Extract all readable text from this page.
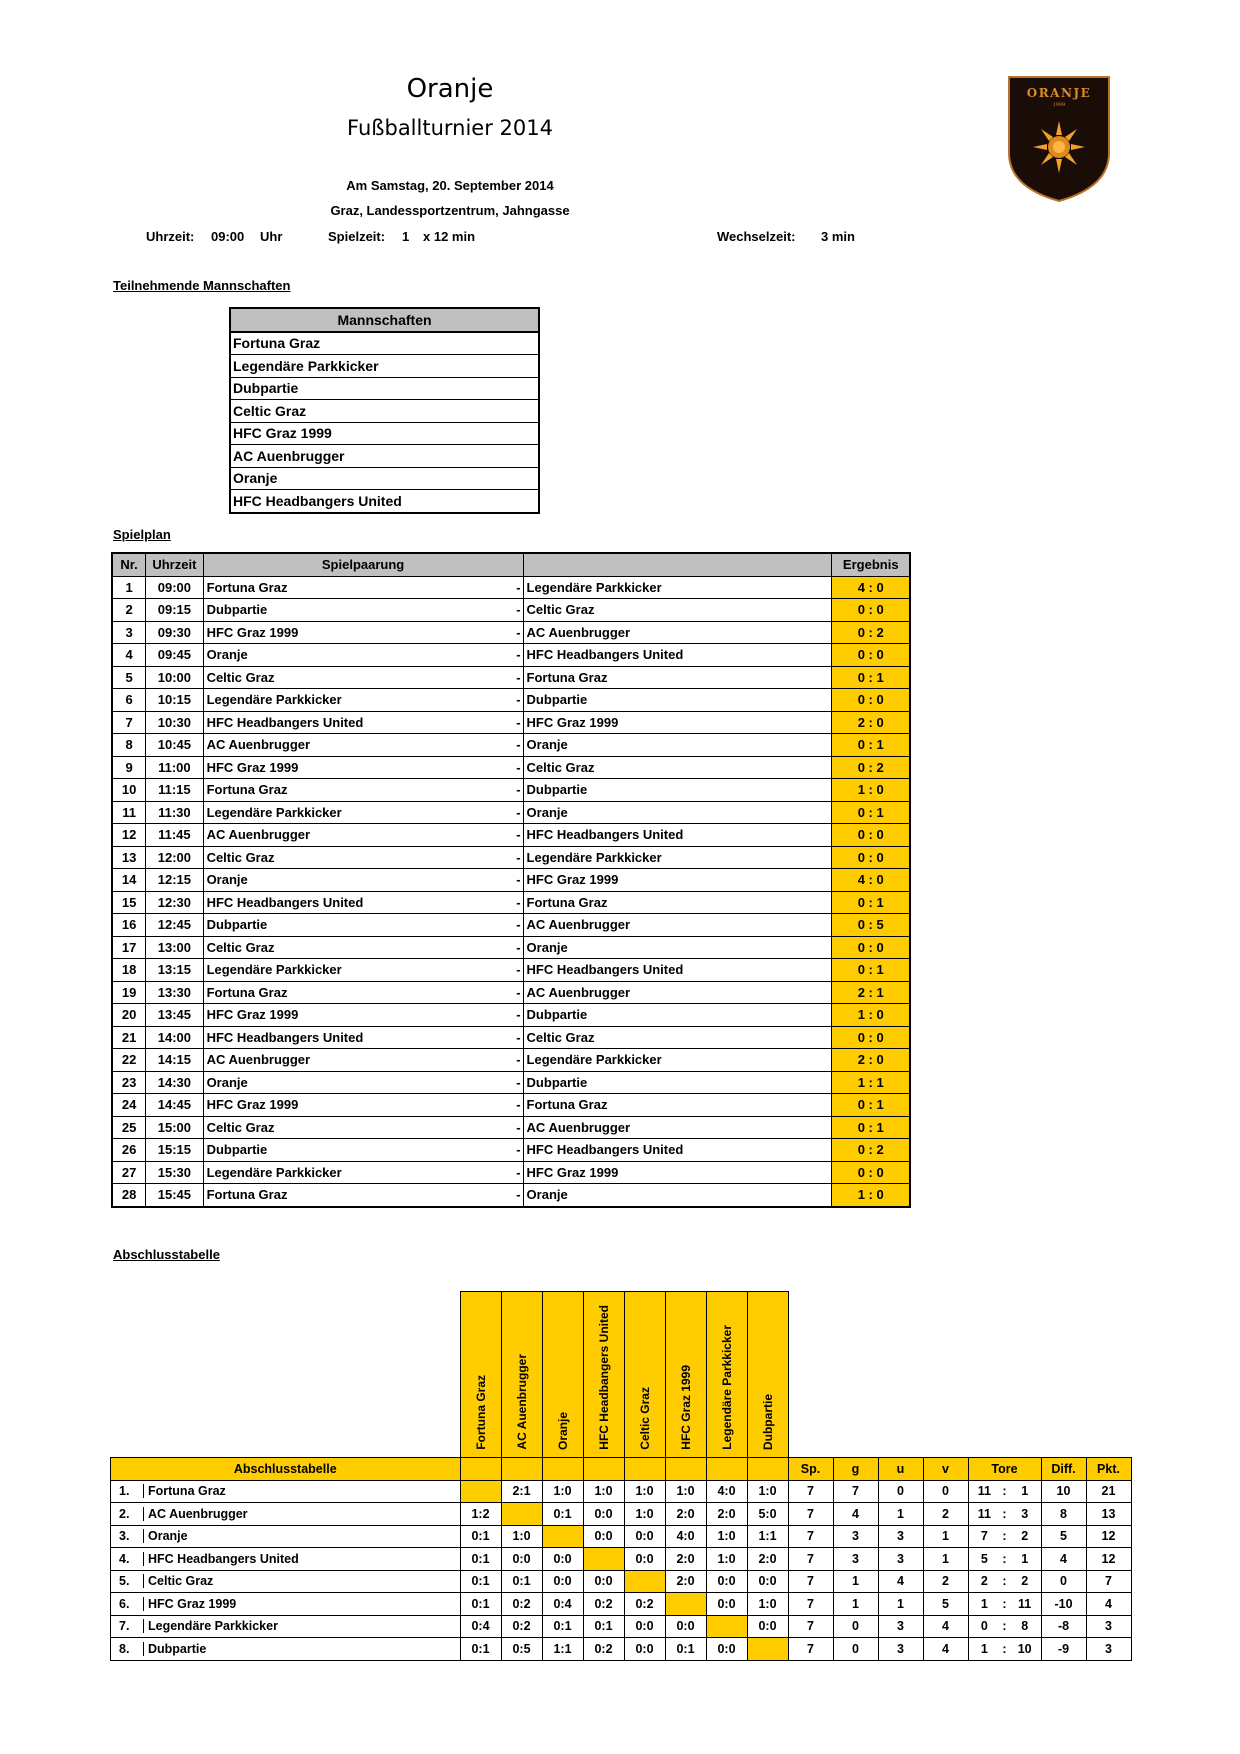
Oranje
Fußballturnier 2014
Am Samstag, 20. September 2014
Graz, Landessportzentrum, Jahngasse
Uhrzeit: 09:00 Uhr	Spielzeit: 1 x 12 min	Wechselzeit: 3 min
ORANJE
1999
Teilnehmende Mannschaften
Mannschaften
Fortuna Graz
Legendäre Parkkicker
Dubpartie
Celtic Graz
HFC Graz 1999
AC Auenbrugger
Oranje
HFC Headbangers United
Spielplan
Nr.	Uhrzeit	Spielpaarung			Ergebnis
1	09:00	Fortuna Graz	-	Legendäre Parkkicker	4 : 0
2	09:15	Dubpartie	-	Celtic Graz	0 : 0
3	09:30	HFC Graz 1999	-	AC Auenbrugger	0 : 2
4	09:45	Oranje	-	HFC Headbangers United	0 : 0
5	10:00	Celtic Graz	-	Fortuna Graz	0 : 1
6	10:15	Legendäre Parkkicker	-	Dubpartie	0 : 0
7	10:30	HFC Headbangers United	-	HFC Graz 1999	2 : 0
8	10:45	AC Auenbrugger	-	Oranje	0 : 1
9	11:00	HFC Graz 1999	-	Celtic Graz	0 : 2
10	11:15	Fortuna Graz	-	Dubpartie	1 : 0
11	11:30	Legendäre Parkkicker	-	Oranje	0 : 1
12	11:45	AC Auenbrugger	-	HFC Headbangers United	0 : 0
13	12:00	Celtic Graz	-	Legendäre Parkkicker	0 : 0
14	12:15	Oranje	-	HFC Graz 1999	4 : 0
15	12:30	HFC Headbangers United	-	Fortuna Graz	0 : 1
16	12:45	Dubpartie	-	AC Auenbrugger	0 : 5
17	13:00	Celtic Graz	-	Oranje	0 : 0
18	13:15	Legendäre Parkkicker	-	HFC Headbangers United	0 : 1
19	13:30	Fortuna Graz	-	AC Auenbrugger	2 : 1
20	13:45	HFC Graz 1999	-	Dubpartie	1 : 0
21	14:00	HFC Headbangers United	-	Celtic Graz	0 : 0
22	14:15	AC Auenbrugger	-	Legendäre Parkkicker	2 : 0
23	14:30	Oranje	-	Dubpartie	1 : 1
24	14:45	HFC Graz 1999	-	Fortuna Graz	0 : 1
25	15:00	Celtic Graz	-	AC Auenbrugger	0 : 1
26	15:15	Dubpartie	-	HFC Headbangers United	0 : 2
27	15:30	Legendäre Parkkicker	-	HFC Graz 1999	0 : 0
28	15:45	Fortuna Graz	-	Oranje	1 : 0
Abschlusstabelle
	Fortuna Graz	AC Auenbrugger	Oranje	HFC Headbangers United	Celtic Graz	HFC Graz 1999	Legendäre Parkkicker	Dubpartie									
Abschlusstabelle									Sp.	g	u	v	Tore			Diff.	Pkt.
1. Fortuna Graz		2:1	1:0	1:0	1:0	1:0	4:0	1:0	7	7	0	0	11	:	1	10	21
2. AC Auenbrugger	1:2		0:1	0:0	1:0	2:0	2:0	5:0	7	4	1	2	11	:	3	8	13
3. Oranje	0:1	1:0		0:0	0:0	4:0	1:0	1:1	7	3	3	1	7	:	2	5	12
4. HFC Headbangers United	0:1	0:0	0:0		0:0	2:0	1:0	2:0	7	3	3	1	5	:	1	4	12
5. Celtic Graz	0:1	0:1	0:0	0:0		2:0	0:0	0:0	7	1	4	2	2	:	2	0	7
6. HFC Graz 1999	0:1	0:2	0:4	0:2	0:2		0:0	1:0	7	1	1	5	1	:	11	-10	4
7. Legendäre Parkkicker	0:4	0:2	0:1	0:1	0:0	0:0		0:0	7	0	3	4	0	:	8	-8	3
8. Dubpartie	0:1	0:5	1:1	0:2	0:0	0:1	0:0		7	0	3	4	1	:	10	-9	3
